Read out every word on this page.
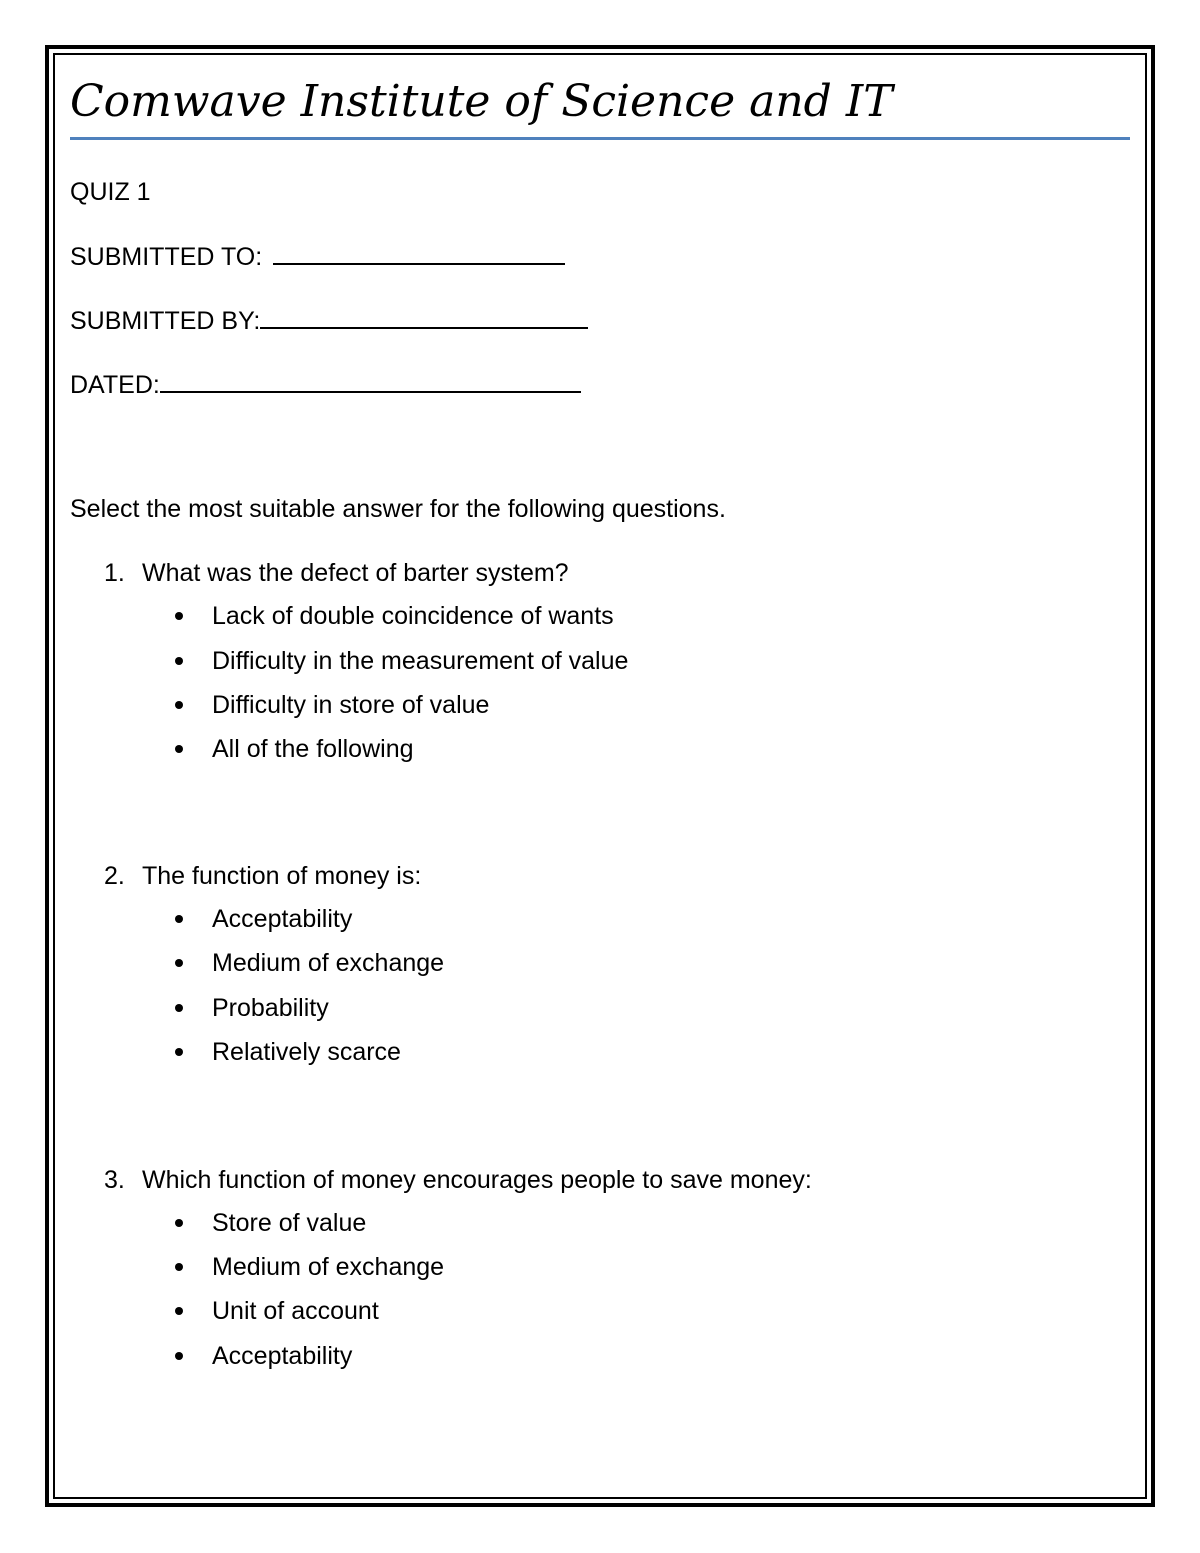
Comwave Institute of Science and IT
QUIZ 1
SUBMITTED TO:
SUBMITTED BY:
DATED:
Select the most suitable answer for the following questions.
1. What was the defect of barter system?
Lack of double coincidence of wants
Difficulty in the measurement of value
Difficulty in store of value
All of the following
2. The function of money is:
Acceptability
Medium of exchange
Probability
Relatively scarce
3. Which function of money encourages people to save money:
Store of value
Medium of exchange
Unit of account
Acceptability
